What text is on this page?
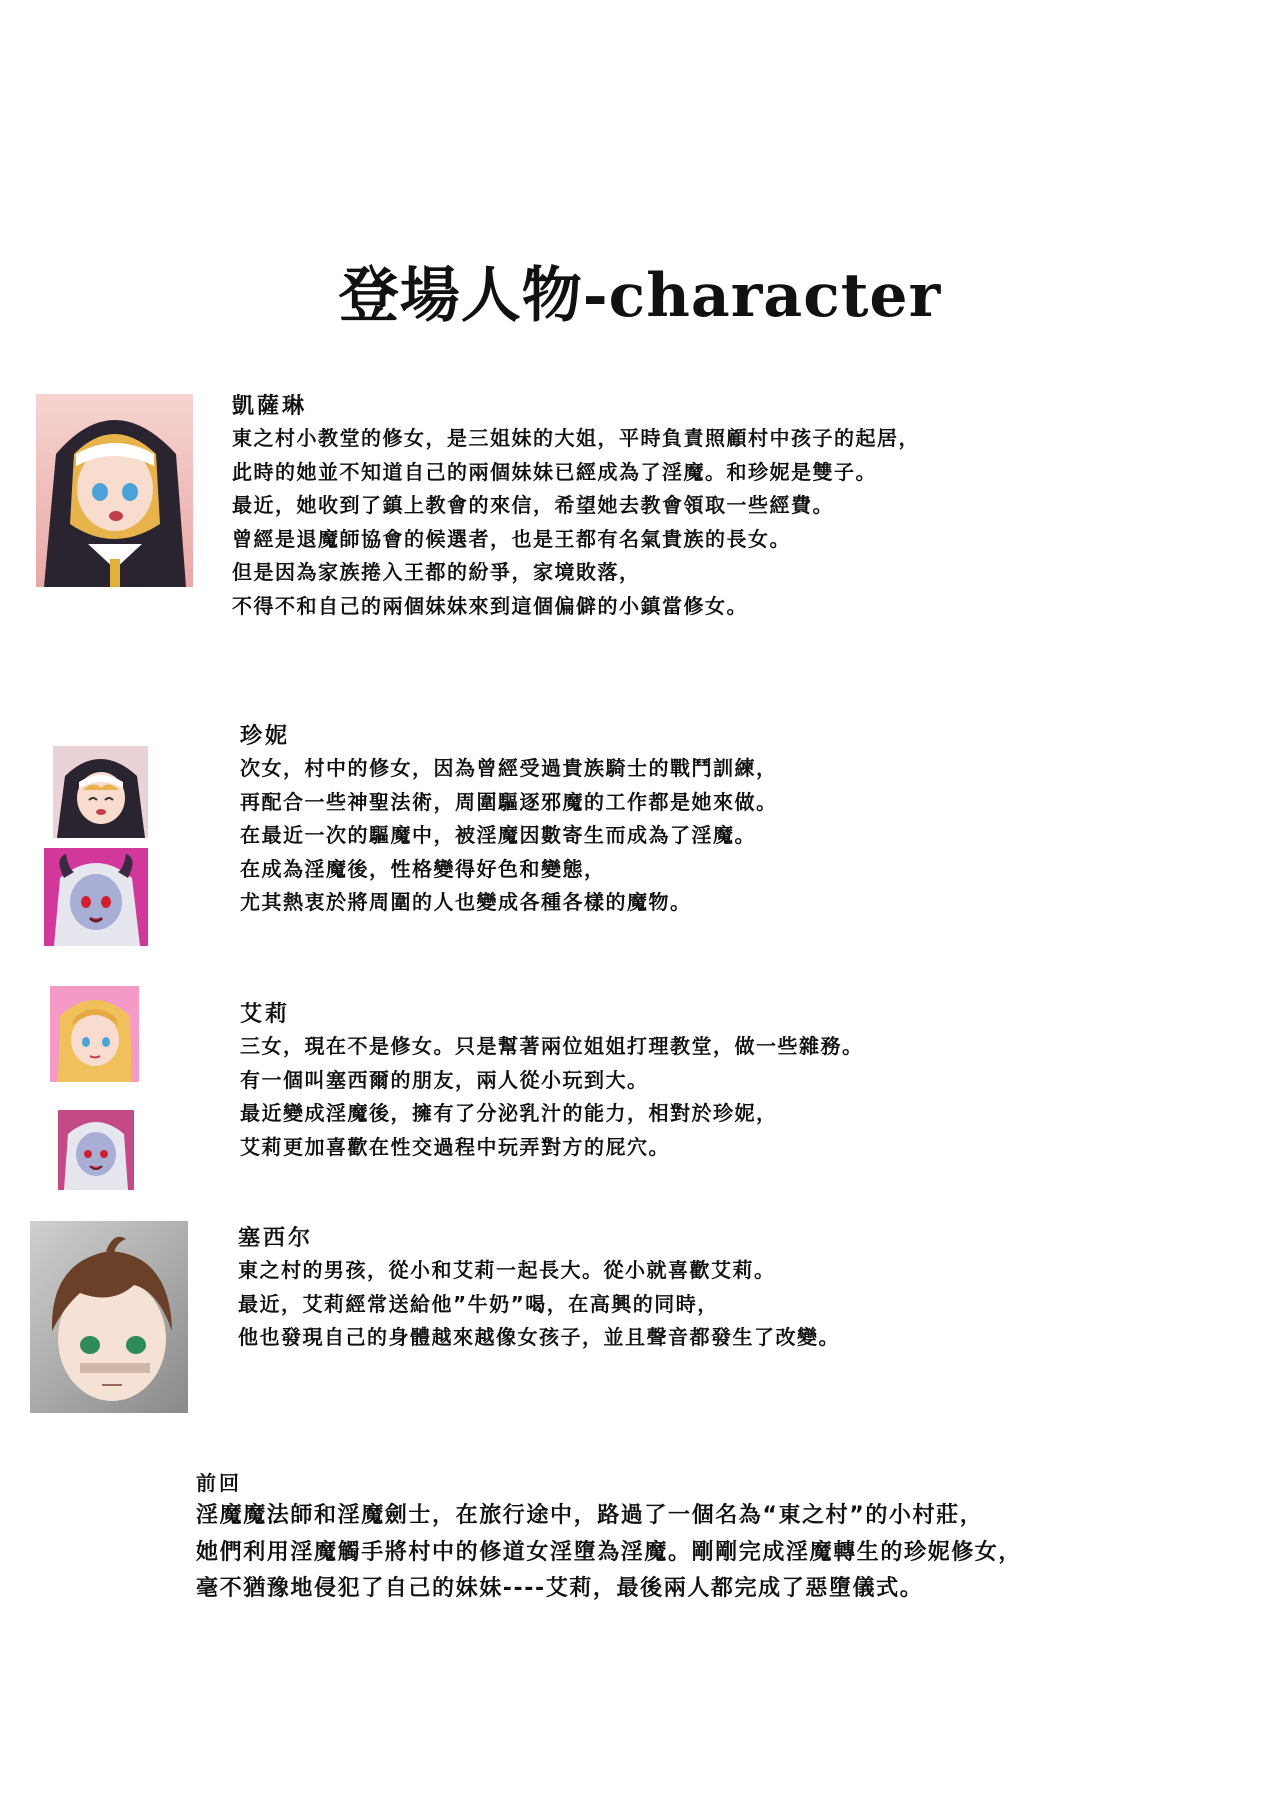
登場人物-character
凱薩琳
東之村小教堂的修女，是三姐妹的大姐，平時負責照顧村中孩子的起居，
此時的她並不知道自己的兩個妹妹已經成為了淫魔。和珍妮是雙子。
最近，她收到了鎮上教會的來信，希望她去教會領取一些經費。
曾經是退魔師協會的候選者，也是王都有名氣貴族的長女。
但是因為家族捲入王都的紛爭，家境敗落，
不得不和自己的兩個妹妹來到這個偏僻的小鎮當修女。
珍妮
次女，村中的修女，因為曾經受過貴族騎士的戰鬥訓練，
再配合一些神聖法術，周圍驅逐邪魔的工作都是她來做。
在最近一次的驅魔中，被淫魔因數寄生而成為了淫魔。
在成為淫魔後，性格變得好色和變態，
尤其熱衷於將周圍的人也變成各種各樣的魔物。
艾莉
三女，現在不是修女。只是幫著兩位姐姐打理教堂，做一些雜務。
有一個叫塞西爾的朋友，兩人從小玩到大。
最近變成淫魔後，擁有了分泌乳汁的能力，相對於珍妮，
艾莉更加喜歡在性交過程中玩弄對方的屁穴。
塞西尔
東之村的男孩，從小和艾莉一起長大。從小就喜歡艾莉。
最近，艾莉經常送給他”牛奶”喝，在高興的同時，
他也發現自己的身體越來越像女孩子，並且聲音都發生了改變。
前回
淫魔魔法師和淫魔劍士，在旅行途中，路過了一個名為“東之村”的小村莊，
她們利用淫魔觸手將村中的修道女淫墮為淫魔。剛剛完成淫魔轉生的珍妮修女，
毫不猶豫地侵犯了自己的妹妹----艾莉，最後兩人都完成了惡墮儀式。
